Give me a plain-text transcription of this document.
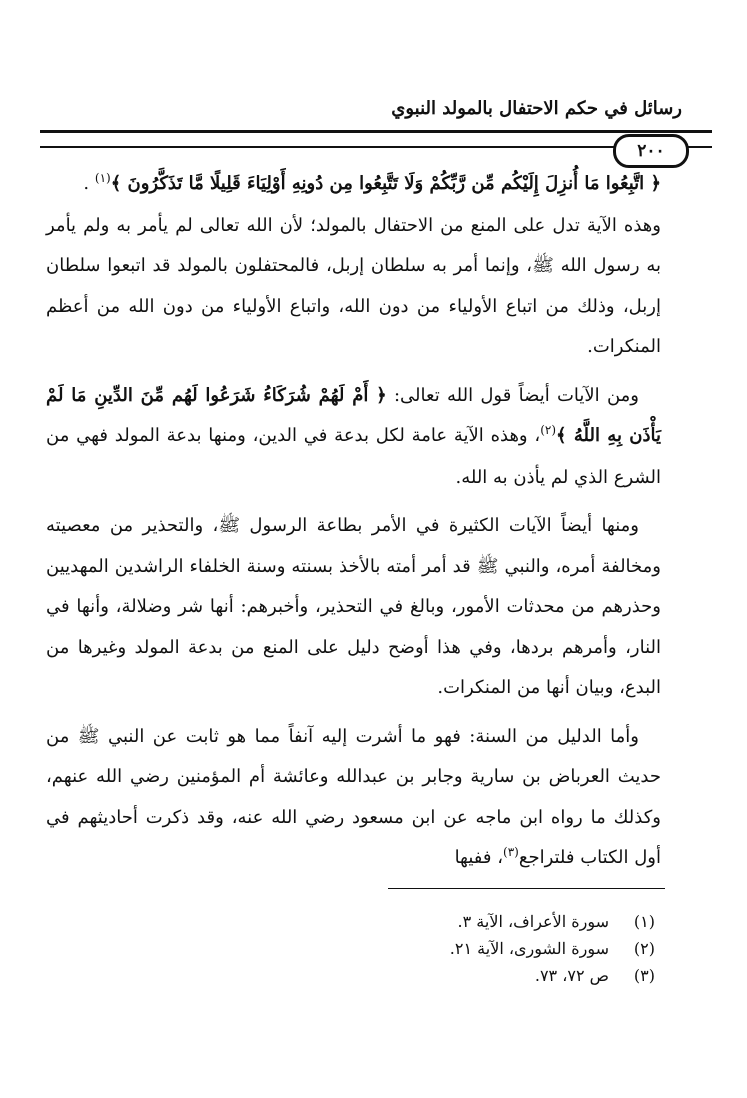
رسائل في حكم الاحتفال بالمولد النبوي
٢٠٠

﴿ اتَّبِعُوا مَا أُنزِلَ إِلَيْكُم مِّن رَّبِّكُمْ وَلَا تَتَّبِعُوا مِن دُونِهِ أَوْلِيَاءَ قَلِيلًا مَّا تَذَكَّرُونَ ﴾$^{(١)}$ .

وهذه الآية تدل على المنع من الاحتفال بالمولد؛ لأن الله تعالى لم يأمر به ولم يأمر به رسول الله ﷺ، وإنما أمر به سلطان إربل، فالمحتفلون بالمولد قد اتبعوا سلطان إربل، وذلك من اتباع الأولياء من دون الله، واتباع الأولياء من دون الله من أعظم المنكرات.

ومن الآيات أيضاً قول الله تعالى: ﴿ أَمْ لَهُمْ شُرَكَاءُ شَرَعُوا لَهُم مِّنَ الدِّينِ مَا لَمْ يَأْذَن بِهِ اللَّهُ ﴾$^{(٢)}$، وهذه الآية عامة لكل بدعة في الدين، ومنها بدعة المولد فهي من الشرع الذي لم يأذن به الله.

ومنها أيضاً الآيات الكثيرة في الأمر بطاعة الرسول ﷺ، والتحذير من معصيته ومخالفة أمره، والنبي ﷺ قد أمر أمته بالأخذ بسنته وسنة الخلفاء الراشدين المهديين وحذرهم من محدثات الأمور، وبالغ في التحذير، وأخبرهم: أنها شر وضلالة، وأنها في النار، وأمرهم بردها، وفي هذا أوضح دليل على المنع من بدعة المولد وغيرها من البدع، وبيان أنها من المنكرات.

وأما الدليل من السنة: فهو ما أشرت إليه آنفاً مما هو ثابت عن النبي ﷺ من حديث العرباض بن سارية وجابر بن عبدالله وعائشة أم المؤمنين رضي الله عنهم، وكذلك ما رواه ابن ماجه عن ابن مسعود رضي الله عنه، وقد ذكرت أحاديثهم في أول الكتاب فلتراجع$^{(٣)}$، ففيها

(١)
سورة الأعراف، الآية ٣.
(٢)
سورة الشورى، الآية ٢١.
(٣)
ص ٧٢، ٧٣.
